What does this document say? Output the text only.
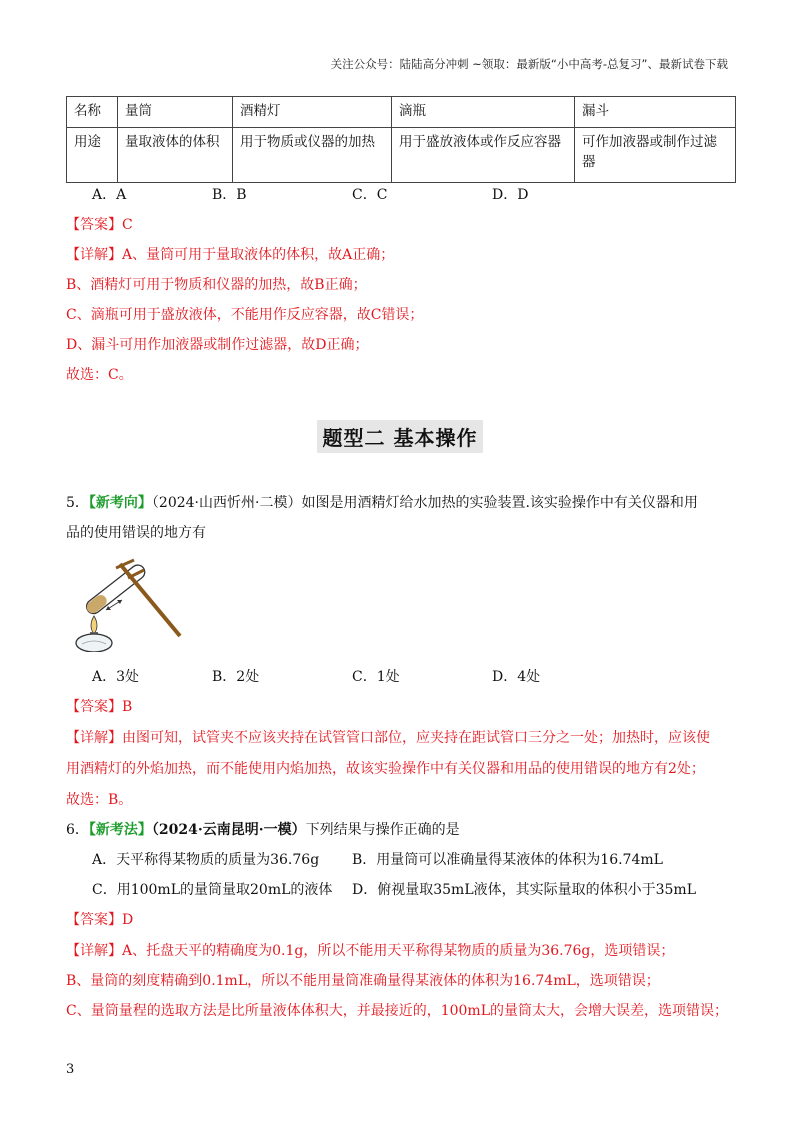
关注公众号：陆陆高分冲刺 ~领取：最新版“小中高考-总复习”、最新试卷下载
名称	量筒	酒精灯	滴瓶	漏斗
用途	量取液体的体积	用于物质或仪器的加热	用于盛放液体或作反应容器	可作加液器或制作过滤器
A．A	B．B	C．C	D．D
【答案】C
【详解】A、量筒可用于量取液体的体积，故A正确；
B、酒精灯可用于物质和仪器的加热，故B正确；
C、滴瓶可用于盛放液体，不能用作反应容器，故C错误；
D、漏斗可用作加液器或制作过滤器，故D正确；
故选：C。
题型二 基本操作
5．【新考向】（2024·山西忻州·二模）如图是用酒精灯给水加热的实验装置.该实验操作中有关仪器和用
品的使用错误的地方有
A．3处	B．2处	C．1处	D．4处
【答案】B
【详解】由图可知，试管夹不应该夹持在试管管口部位，应夹持在距试管口三分之一处；加热时，应该使
用酒精灯的外焰加热，而不能使用内焰加热，故该实验操作中有关仪器和用品的使用错误的地方有2处；
故选：B。
6．【新考法】（2024·云南昆明·一模）下列结果与操作正确的是
A．天平称得某物质的质量为36.76g B．用量筒可以准确量得某液体的体积为16.74mL
C．用100mL的量筒量取20mL的液体 D．俯视量取35mL液体，其实际量取的体积小于35mL
【答案】D
【详解】A、托盘天平的精确度为0.1g，所以不能用天平称得某物质的质量为36.76g，选项错误；
B、量筒的刻度精确到0.1mL，所以不能用量筒准确量得某液体的体积为16.74mL，选项错误；
C、量筒量程的选取方法是比所量液体体积大，并最接近的，100mL的量筒太大，会增大误差，选项错误；
3
